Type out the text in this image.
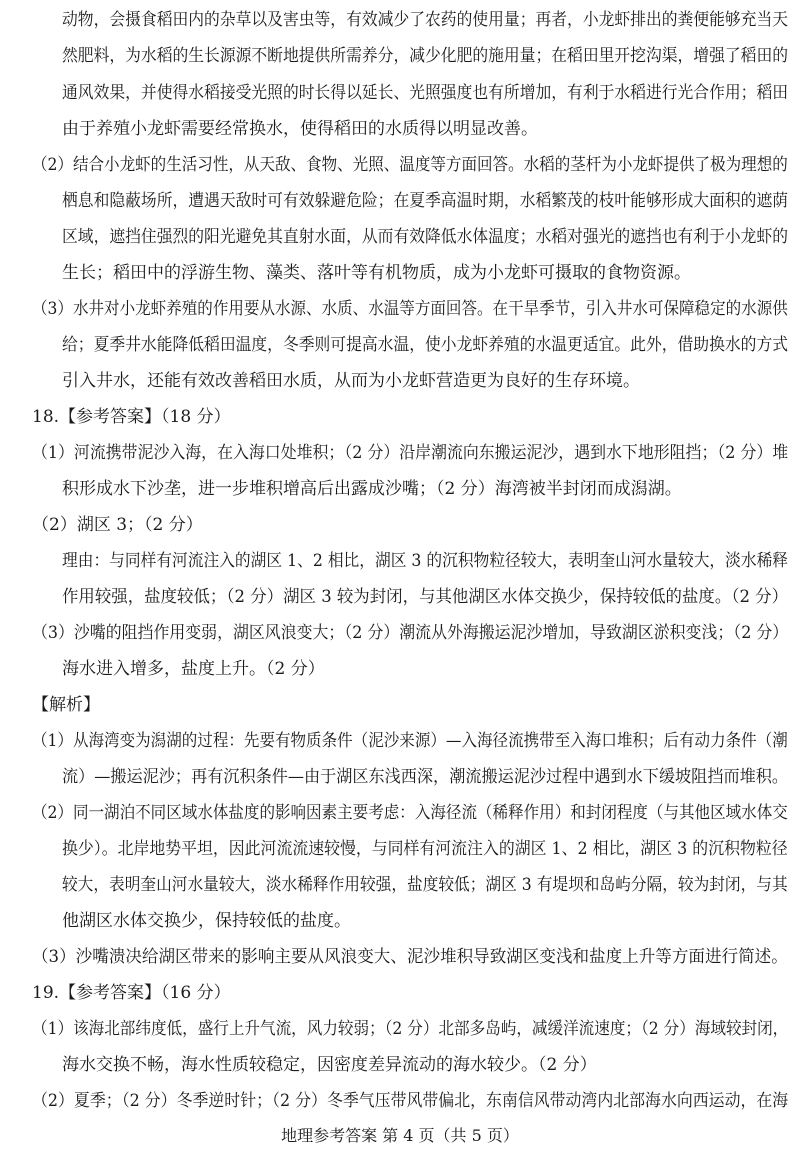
动物，会摄食稻田内的杂草以及害虫等，有效减少了农药的使用量；再者，小龙虾排出的粪便能够充当天
然肥料，为水稻的生长源源不断地提供所需养分，减少化肥的施用量；在稻田里开挖沟渠，增强了稻田的
通风效果，并使得水稻接受光照的时长得以延长、光照强度也有所增加，有利于水稻进行光合作用；稻田
由于养殖小龙虾需要经常换水，使得稻田的水质得以明显改善。
（2）结合小龙虾的生活习性，从天敌、食物、光照、温度等方面回答。水稻的茎杆为小龙虾提供了极为理想的
栖息和隐蔽场所，遭遇天敌时可有效躲避危险；在夏季高温时期，水稻繁茂的枝叶能够形成大面积的遮荫
区域，遮挡住强烈的阳光避免其直射水面，从而有效降低水体温度；水稻对强光的遮挡也有利于小龙虾的
生长；稻田中的浮游生物、藻类、落叶等有机物质，成为小龙虾可摄取的食物资源。
（3）水井对小龙虾养殖的作用要从水源、水质、水温等方面回答。在干旱季节，引入井水可保障稳定的水源供
给；夏季井水能降低稻田温度，冬季则可提高水温，使小龙虾养殖的水温更适宜。此外，借助换水的方式
引入井水，还能有效改善稻田水质，从而为小龙虾营造更为良好的生存环境。
18.【参考答案】（18 分）
（1）河流携带泥沙入海，在入海口处堆积；（2 分）沿岸潮流向东搬运泥沙，遇到水下地形阻挡；（2 分）堆
积形成水下沙垄，进一步堆积增高后出露成沙嘴；（2 分）海湾被半封闭而成潟湖。
（2）湖区 3；（2 分）
理由：与同样有河流注入的湖区 1、2 相比，湖区 3 的沉积物粒径较大，表明奎山河水量较大，淡水稀释
作用较强，盐度较低；（2 分）湖区 3 较为封闭，与其他湖区水体交换少，保持较低的盐度。（2 分）
（3）沙嘴的阻挡作用变弱，湖区风浪变大；（2 分）潮流从外海搬运泥沙增加，导致湖区淤积变浅；（2 分）
海水进入增多，盐度上升。（2 分）
【解析】
（1）从海湾变为潟湖的过程：先要有物质条件（泥沙来源）—入海径流携带至入海口堆积；后有动力条件（潮
流）—搬运泥沙；再有沉积条件—由于湖区东浅西深，潮流搬运泥沙过程中遇到水下缓坡阻挡而堆积。
（2）同一湖泊不同区域水体盐度的影响因素主要考虑：入海径流（稀释作用）和封闭程度（与其他区域水体交
换少）。北岸地势平坦，因此河流流速较慢，与同样有河流注入的湖区 1、2 相比，湖区 3 的沉积物粒径
较大，表明奎山河水量较大，淡水稀释作用较强，盐度较低；湖区 3 有堤坝和岛屿分隔，较为封闭，与其
他湖区水体交换少，保持较低的盐度。
（3）沙嘴溃决给湖区带来的影响主要从风浪变大、泥沙堆积导致湖区变浅和盐度上升等方面进行简述。
19.【参考答案】（16 分）
（1）该海北部纬度低，盛行上升气流，风力较弱；（2 分）北部多岛屿，减缓洋流速度；（2 分）海域较封闭，
海水交换不畅，海水性质较稳定，因密度差异流动的海水较少。（2 分）
（2）夏季；（2 分）冬季逆时针；（2 分）冬季气压带风带偏北，东南信风带动湾内北部海水向西运动，在海
地理参考答案 第 4 页（共 5 页）
